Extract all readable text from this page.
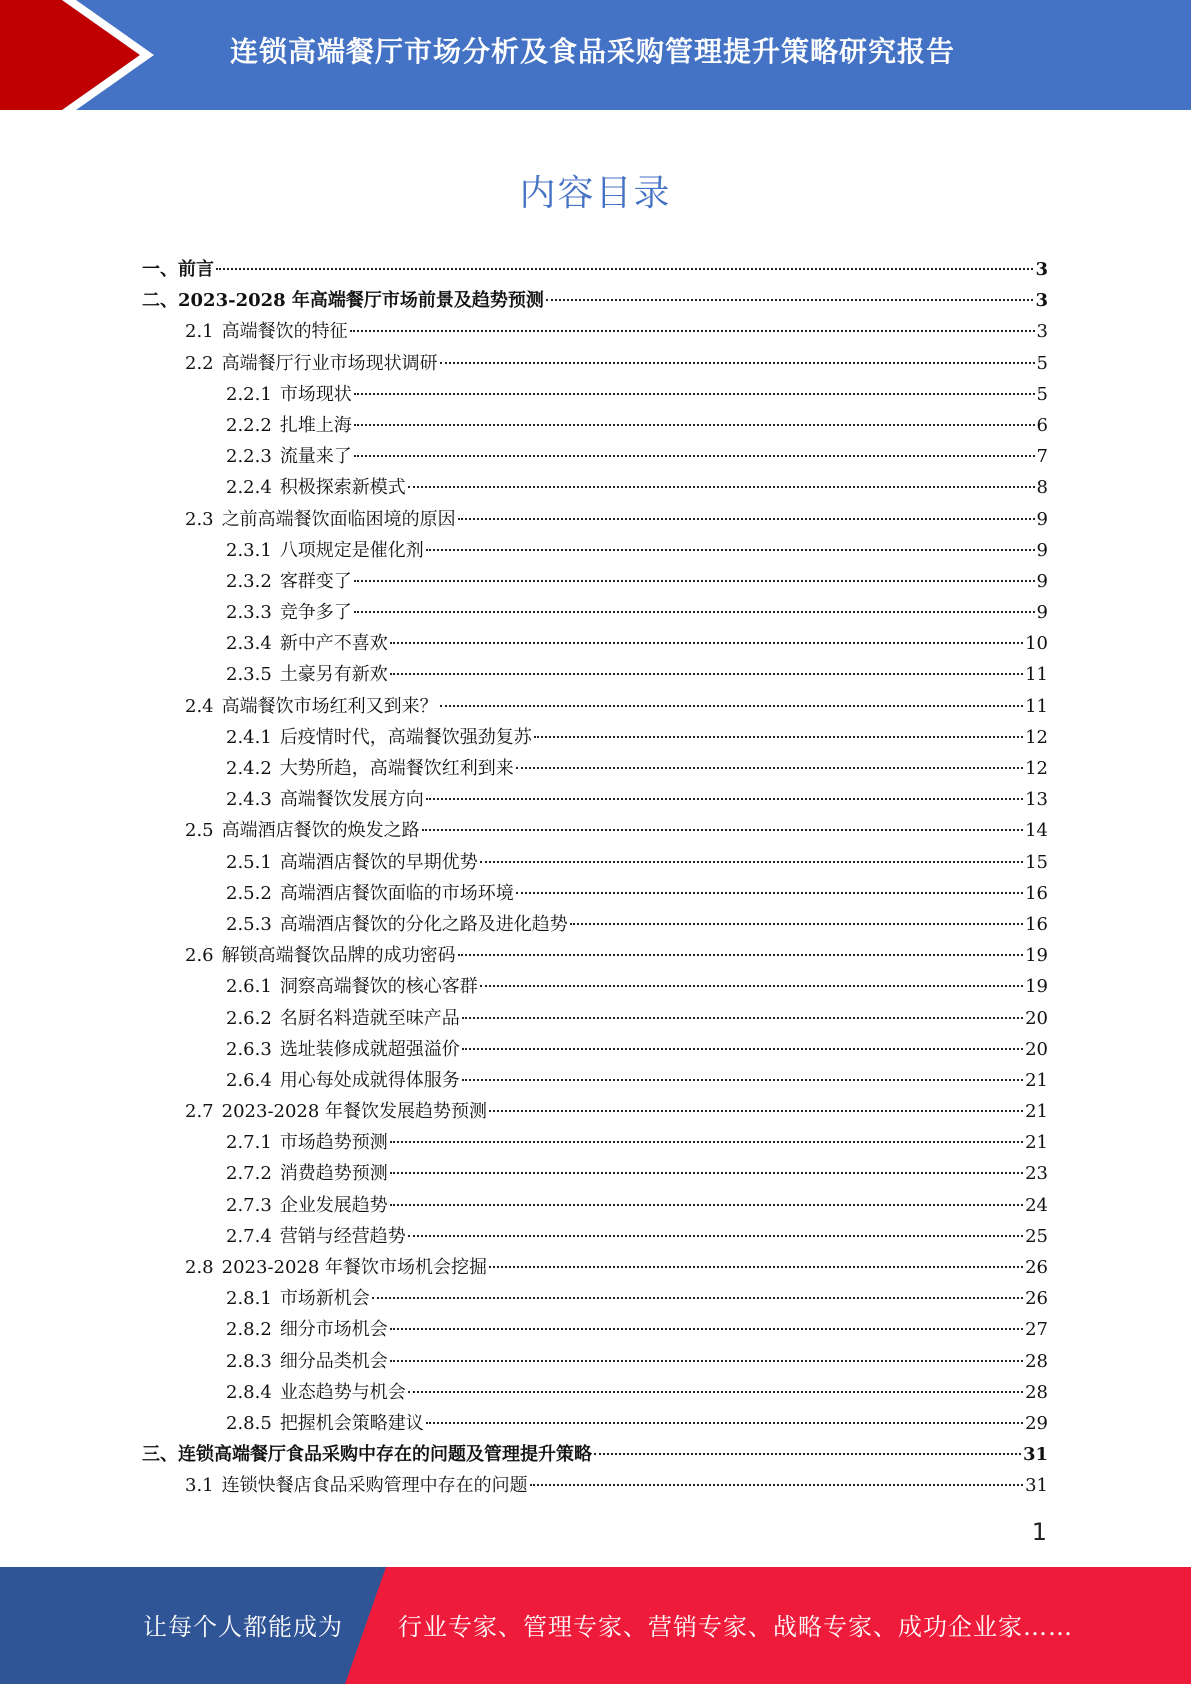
连锁高端餐厅市场分析及食品采购管理提升策略研究报告
内容目录
一、 前言	3
二、 2023-2028 年高端餐厅市场前景及趋势预测	3
2.1 高端餐饮的特征	3
2.2 高端餐厅行业市场现状调研	5
2.2.1 市场现状	5
2.2.2 扎堆上海	6
2.2.3 流量来了	7
2.2.4 积极探索新模式	8
2.3 之前高端餐饮面临困境的原因	9
2.3.1 八项规定是催化剂	9
2.3.2 客群变了	9
2.3.3 竞争多了	9
2.3.4 新中产不喜欢	10
2.3.5 土豪另有新欢	11
2.4 高端餐饮市场红利又到来？	11
2.4.1 后疫情时代，高端餐饮强劲复苏	12
2.4.2 大势所趋，高端餐饮红利到来	12
2.4.3 高端餐饮发展方向	13
2.5 高端酒店餐饮的焕发之路	14
2.5.1 高端酒店餐饮的早期优势	15
2.5.2 高端酒店餐饮面临的市场环境	16
2.5.3 高端酒店餐饮的分化之路及进化趋势	16
2.6 解锁高端餐饮品牌的成功密码	19
2.6.1 洞察高端餐饮的核心客群	19
2.6.2 名厨名料造就至味产品	20
2.6.3 选址装修成就超强溢价	20
2.6.4 用心每处成就得体服务	21
2.7 2023-2028 年餐饮发展趋势预测	21
2.7.1 市场趋势预测	21
2.7.2 消费趋势预测	23
2.7.3 企业发展趋势	24
2.7.4 营销与经营趋势	25
2.8 2023-2028 年餐饮市场机会挖掘	26
2.8.1 市场新机会	26
2.8.2 细分市场机会	27
2.8.3 细分品类机会	28
2.8.4 业态趋势与机会	28
2.8.5 把握机会策略建议	29
三、 连锁高端餐厅食品采购中存在的问题及管理提升策略	31
3.1 连锁快餐店食品采购管理中存在的问题	31
1
让每个人都能成为 行业专家、管理专家、营销专家、战略专家、成功企业家……
